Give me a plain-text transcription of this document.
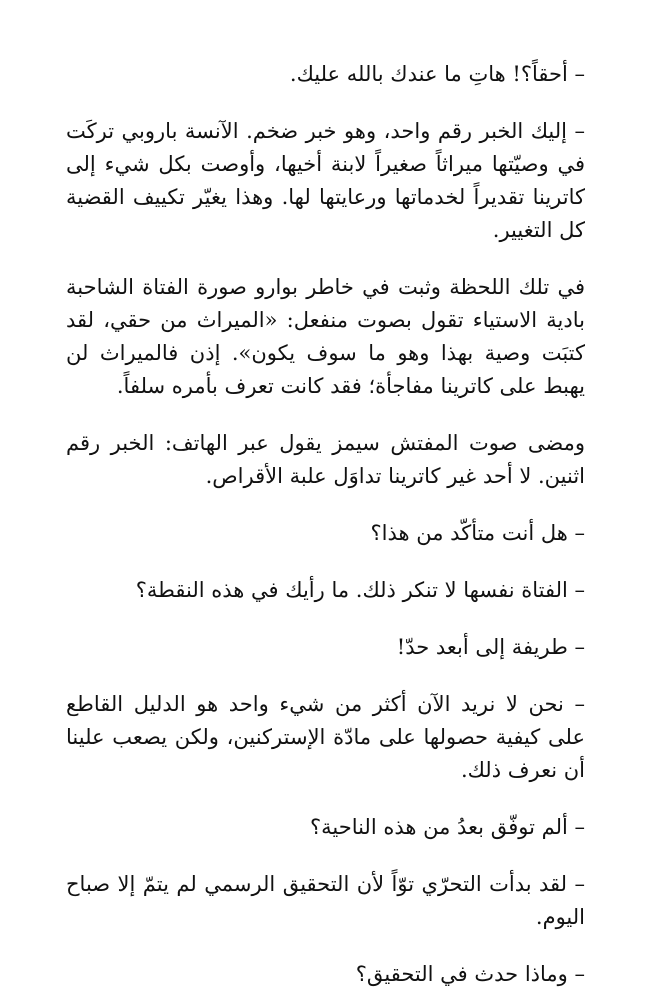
– أحقاً؟! هاتِ ما عندك بالله عليك.

– إليك الخبر رقم واحد، وهو خبر ضخم. الآنسة باروبي تركَت في وصيّتها ميراثاً صغيراً لابنة أخيها، وأوصت بكل شيء إلى كاترينا تقديراً لخدماتها ورعايتها لها. وهذا يغيّر تكييف القضية كل التغيير.

في تلك اللحظة وثبت في خاطر بوارو صورة الفتاة الشاحبة بادية الاستياء تقول بصوت منفعل: «الميراث من حقي، لقد كتبَت وصية بهذا وهو ما سوف يكون». إذن فالميراث لن يهبط على كاترينا مفاجأة؛ فقد كانت تعرف بأمره سلفاً.

ومضى صوت المفتش سيمز يقول عبر الهاتف: الخبر رقم اثنين. لا أحد غير كاترينا تداوَل علبة الأقراص.

– هل أنت متأكّد من هذا؟

– الفتاة نفسها لا تنكر ذلك. ما رأيك في هذه النقطة؟

– طريفة إلى أبعد حدّ!

– نحن لا نريد الآن أكثر من شيء واحد هو الدليل القاطع على كيفية حصولها على مادّة الإستركنين، ولكن يصعب علينا أن نعرف ذلك.

– ألم توفّق بعدُ من هذه الناحية؟

– لقد بدأت التحرّي توّاً لأن التحقيق الرسمي لم يتمّ إلا صباح اليوم.

– وماذا حدث في التحقيق؟
